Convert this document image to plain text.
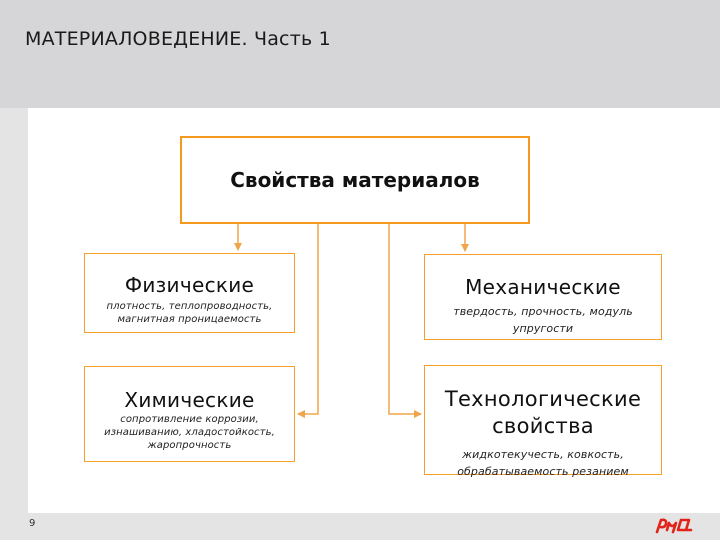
МАТЕРИАЛОВЕДЕНИЕ. Часть 1
Свойства материалов
Физические
плотность, теплопроводность, магнитная проницаемость
Механические
твердость, прочность, модуль упругости
Химические
сопротивление коррозии, изнашиванию, хладостойкость, жаропрочность
Технологические свойства
жидкотекучесть, ковкость, обрабатываемость резанием
9
